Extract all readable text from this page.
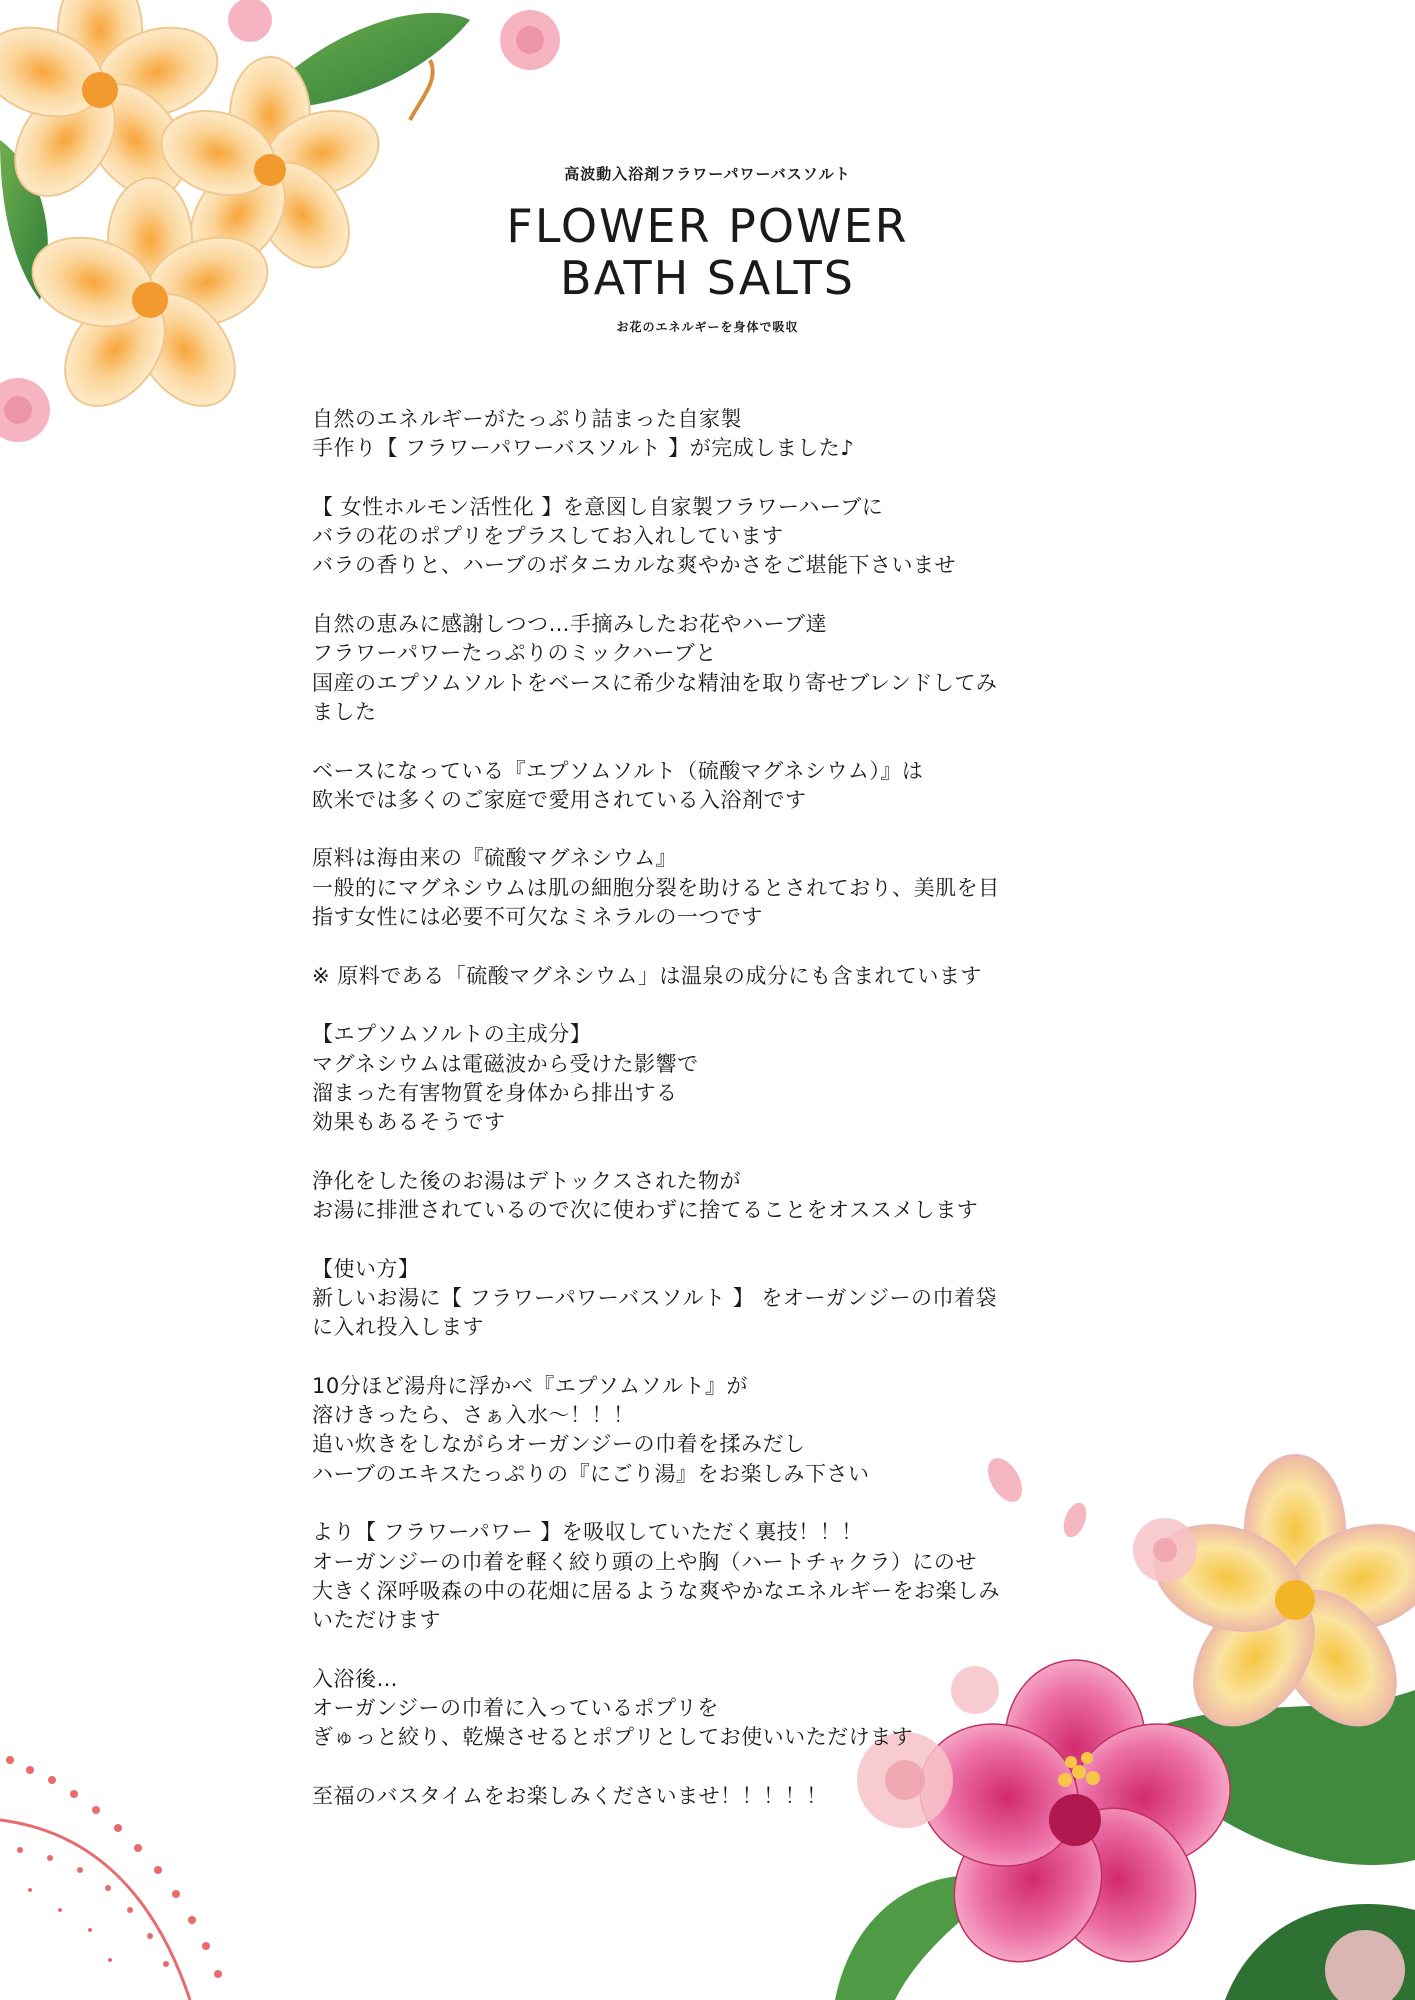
高波動入浴剤フラワーパワーバスソルト
FLOWER POWER
BATH SALTS
お花のエネルギーを身体で吸収

自然のエネルギーがたっぷり詰まった自家製
手作り【 フラワーパワーバスソルト 】が完成しました♪

【 女性ホルモン活性化 】を意図し自家製フラワーハーブに
バラの花のポプリをプラスしてお入れしています
バラの香りと、ハーブのボタニカルな爽やかさをご堪能下さいませ

自然の恵みに感謝しつつ…手摘みしたお花やハーブ達
フラワーパワーたっぷりのミックハーブと
国産のエプソムソルトをベースに希少な精油を取り寄せブレンドしてみ
ました

ベースになっている『エプソムソルト（硫酸マグネシウム）』は
欧米では多くのご家庭で愛用されている入浴剤です

原料は海由来の『硫酸マグネシウム』
一般的にマグネシウムは肌の細胞分裂を助けるとされており、美肌を目
指す女性には必要不可欠なミネラルの一つです

※ 原料である「硫酸マグネシウム」は温泉の成分にも含まれています

【エプソムソルトの主成分】
マグネシウムは電磁波から受けた影響で
溜まった有害物質を身体から排出する
効果もあるそうです

浄化をした後のお湯はデトックスされた物が
お湯に排泄されているので次に使わずに捨てることをオススメします

【使い方】
新しいお湯に【 フラワーパワーバスソルト 】 をオーガンジーの巾着袋
に入れ投入します

10分ほど湯舟に浮かべ『エプソムソルト』が
溶けきったら、さぁ入水〜！！！
追い炊きをしながらオーガンジーの巾着を揉みだし
ハーブのエキスたっぷりの『にごり湯』をお楽しみ下さい

より【 フラワーパワー 】を吸収していただく裏技！！！
オーガンジーの巾着を軽く絞り頭の上や胸（ハートチャクラ）にのせ
大きく深呼吸森の中の花畑に居るような爽やかなエネルギーをお楽しみ
いただけます

入浴後…
オーガンジーの巾着に入っているポプリを
ぎゅっと絞り、乾燥させるとポプリとしてお使いいただけます

至福のバスタイムをお楽しみくださいませ！！！！！
